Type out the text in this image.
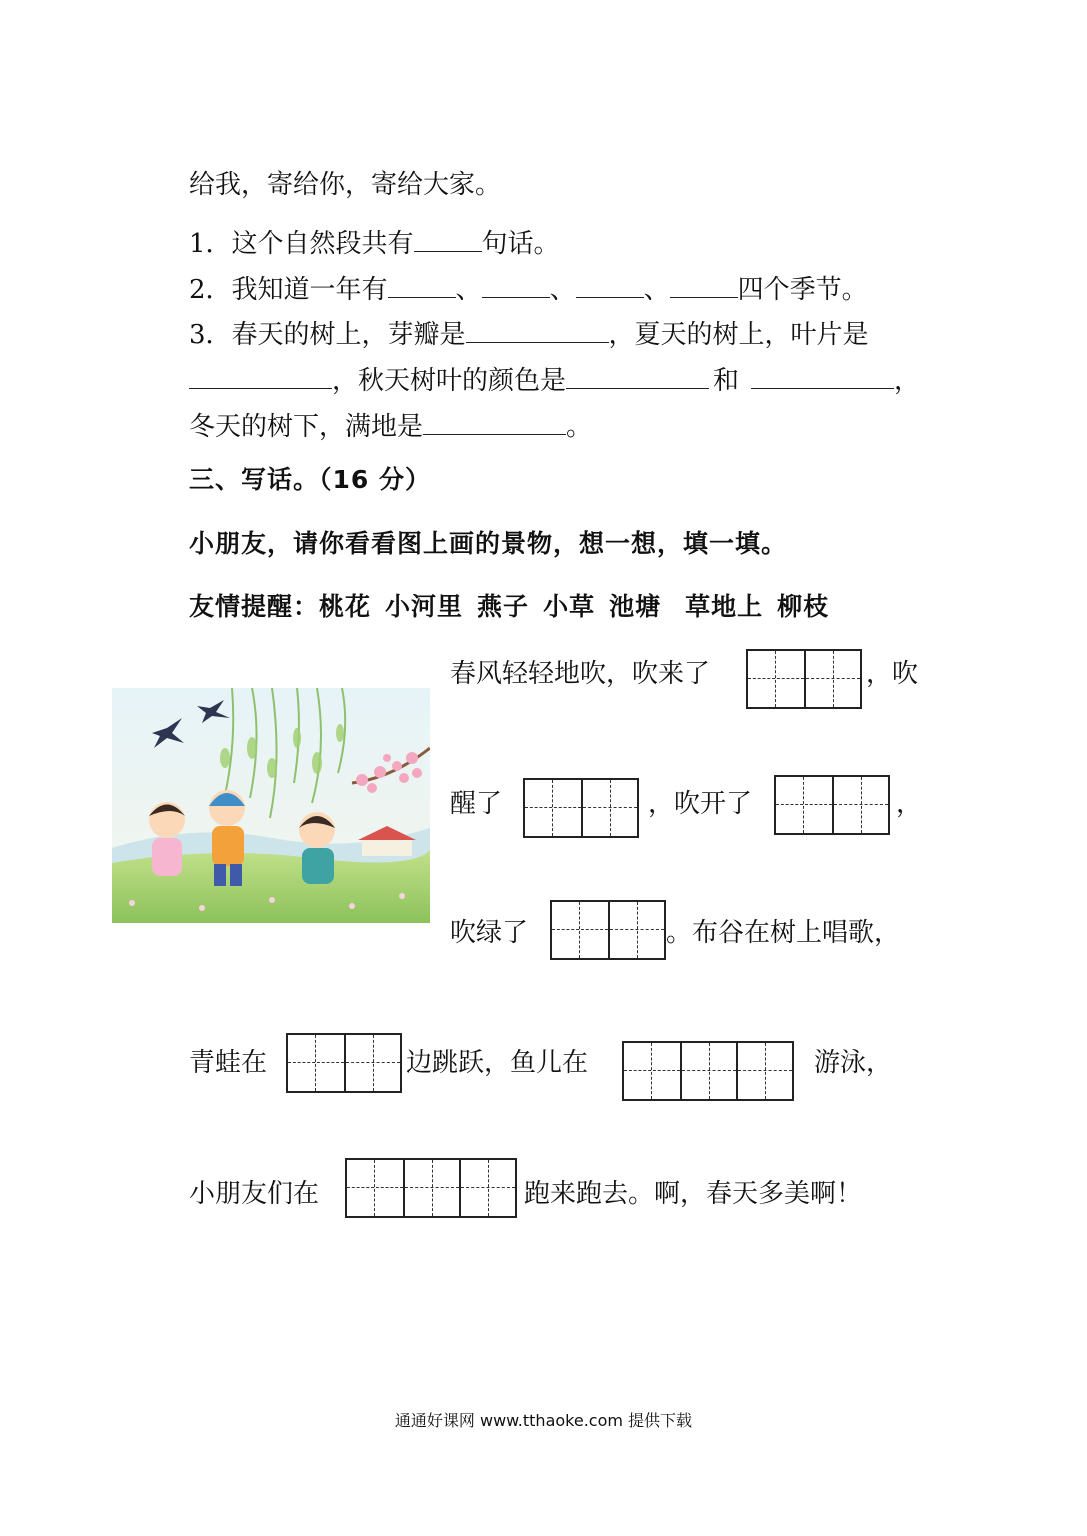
给我，寄给你，寄给大家。
1．这个自然段共有	句话。
2．我知道一年有	、	、	、	四个季节。
3．春天的树上，芽瓣是	，夏天的树上，叶片是
，秋天树叶的颜色是	和	，
冬天的树下，满地是	。
三、写话。（16 分）
小朋友，请你看看图上画的景物，想一想，填一填。
友情提醒：桃花 小河里 燕子 小草 池塘 草地上 柳枝
春风轻轻地吹，吹来了	，吹
醒了	，吹开了	，
吹绿了	。布谷在树上唱歌，
青蛙在	边跳跃，鱼儿在	游泳，
小朋友们在	跑来跑去。啊，春天多美啊！
通通好课网 www.tthaoke.com 提供下载
